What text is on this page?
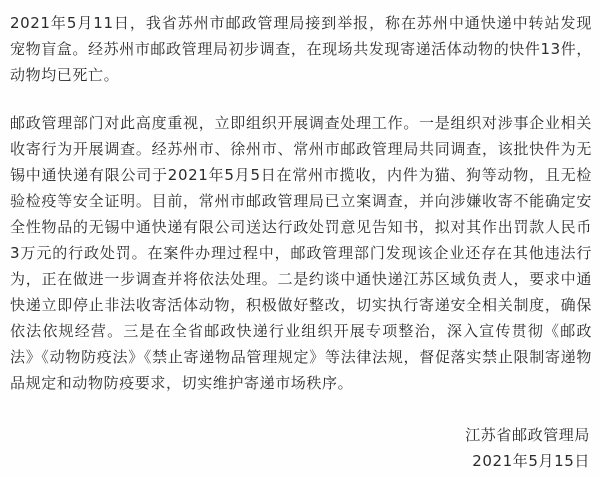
2021年5月11日，我省苏州市邮政管理局接到举报，称在苏州中通快递中转站发现宠物盲盒。经苏州市邮政管理局初步调查，在现场共发现寄递活体动物的快件13件，动物均已死亡。

邮政管理部门对此高度重视，立即组织开展调查处理工作。一是组织对涉事企业相关收寄行为开展调查。经苏州市、徐州市、常州市邮政管理局共同调查，该批快件为无锡中通快递有限公司于2021年5月5日在常州市揽收，内件为猫、狗等动物，且无检验检疫等安全证明。目前，常州市邮政管理局已立案调查，并向涉嫌收寄不能确定安全性物品的无锡中通快递有限公司送达行政处罚意见告知书，拟对其作出罚款人民币3万元的行政处罚。在案件办理过程中，邮政管理部门发现该企业还存在其他违法行为，正在做进一步调查并将依法处理。二是约谈中通快递江苏区域负责人，要求中通快递立即停止非法收寄活体动物，积极做好整改，切实执行寄递安全相关制度，确保依法依规经营。三是在全省邮政快递行业组织开展专项整治，深入宣传贯彻《邮政法》《动物防疫法》《禁止寄递物品管理规定》等法律法规，督促落实禁止限制寄递物品规定和动物防疫要求，切实维护寄递市场秩序。

江苏省邮政管理局
2021年5月15日
